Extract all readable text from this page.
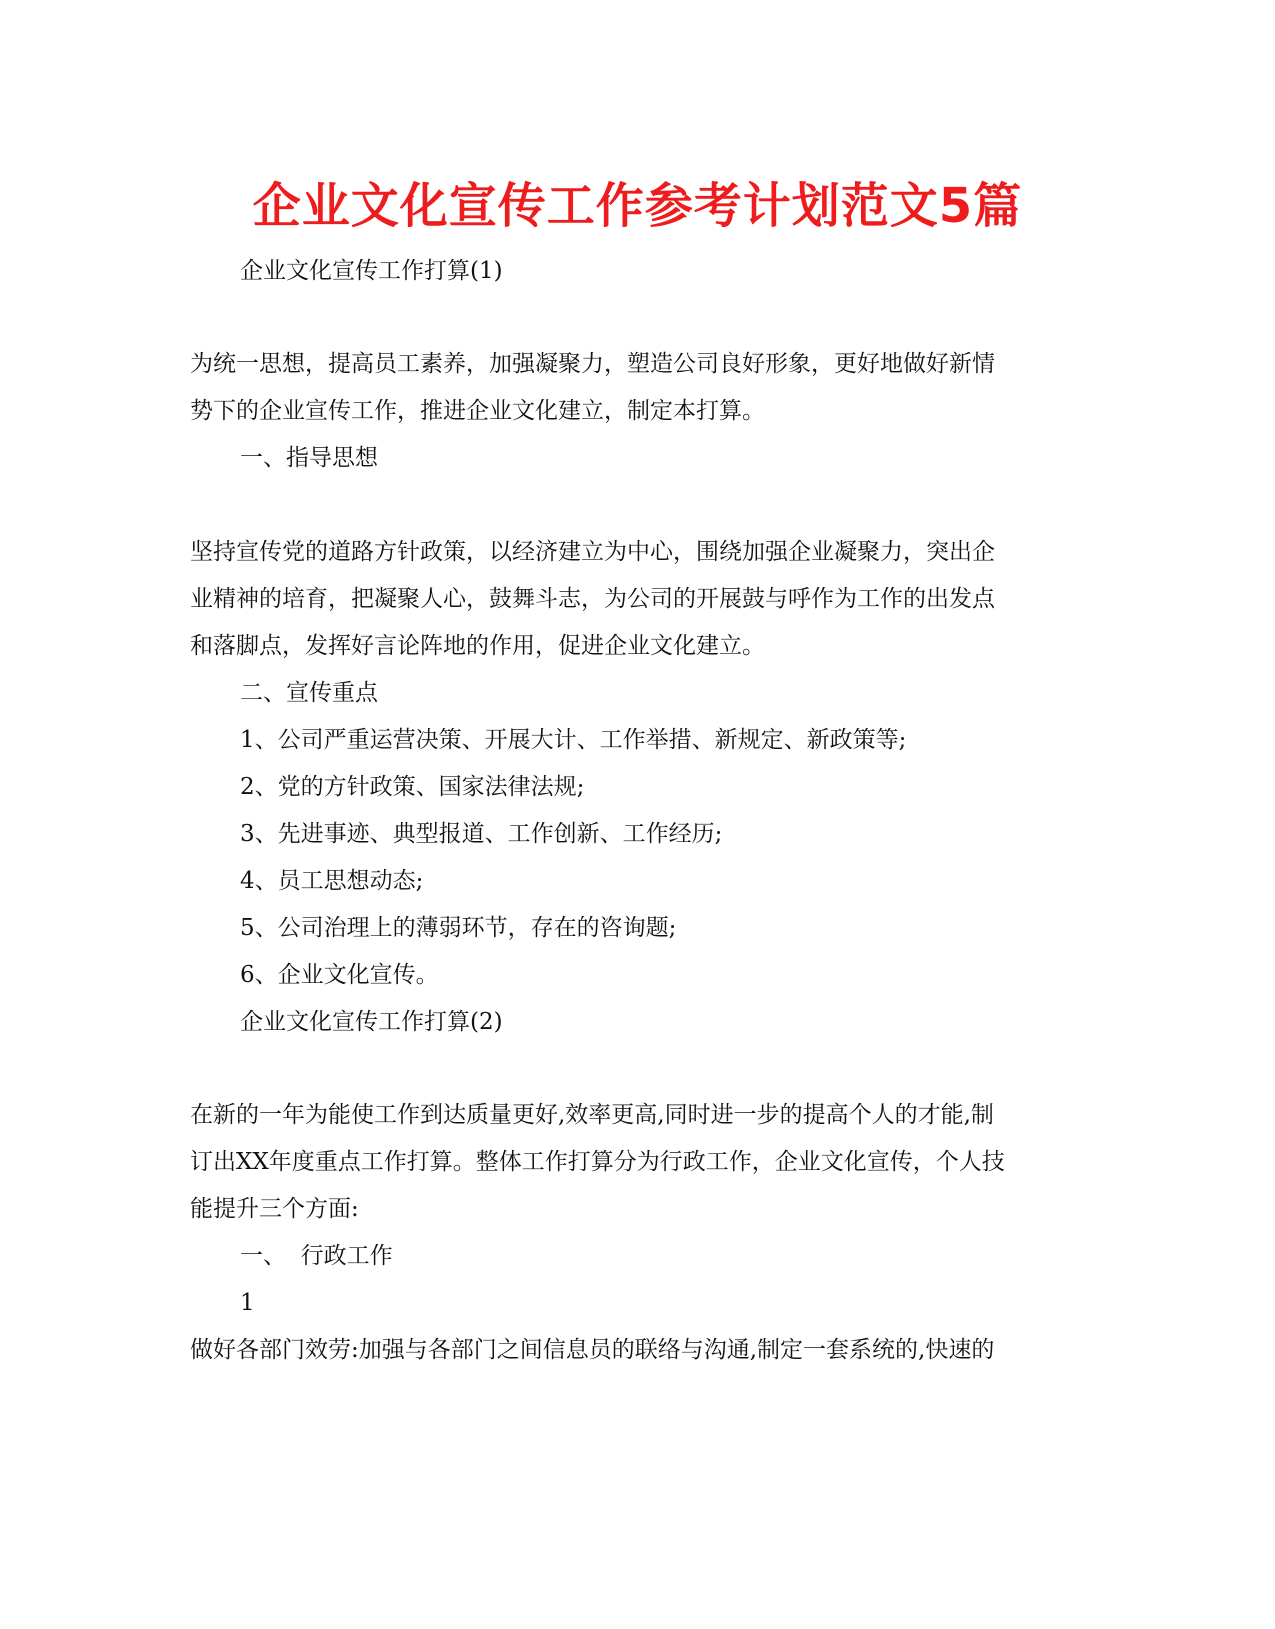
企业文化宣传工作参考计划范文5篇
企业文化宣传工作打算(1)
为统一思想，提高员工素养，加强凝聚力，塑造公司良好形象，更好地做好新情
势下的企业宣传工作，推进企业文化建立，制定本打算。
一、指导思想
坚持宣传党的道路方针政策，以经济建立为中心，围绕加强企业凝聚力，突出企
业精神的培育，把凝聚人心，鼓舞斗志，为公司的开展鼓与呼作为工作的出发点
和落脚点，发挥好言论阵地的作用，促进企业文化建立。
二、宣传重点
1、公司严重运营决策、开展大计、工作举措、新规定、新政策等;
2、党的方针政策、国家法律法规;
3、先进事迹、典型报道、工作创新、工作经历;
4、员工思想动态;
5、公司治理上的薄弱环节，存在的咨询题;
6、企业文化宣传。
企业文化宣传工作打算(2)
在新的一年为能使工作到达质量更好,效率更高,同时进一步的提高个人的才能,制
订出XX年度重点工作打算。整体工作打算分为行政工作，企业文化宣传，个人技
能提升三个方面:
一、  行政工作
1
做好各部门效劳:加强与各部门之间信息员的联络与沟通,制定一套系统的,快速的
